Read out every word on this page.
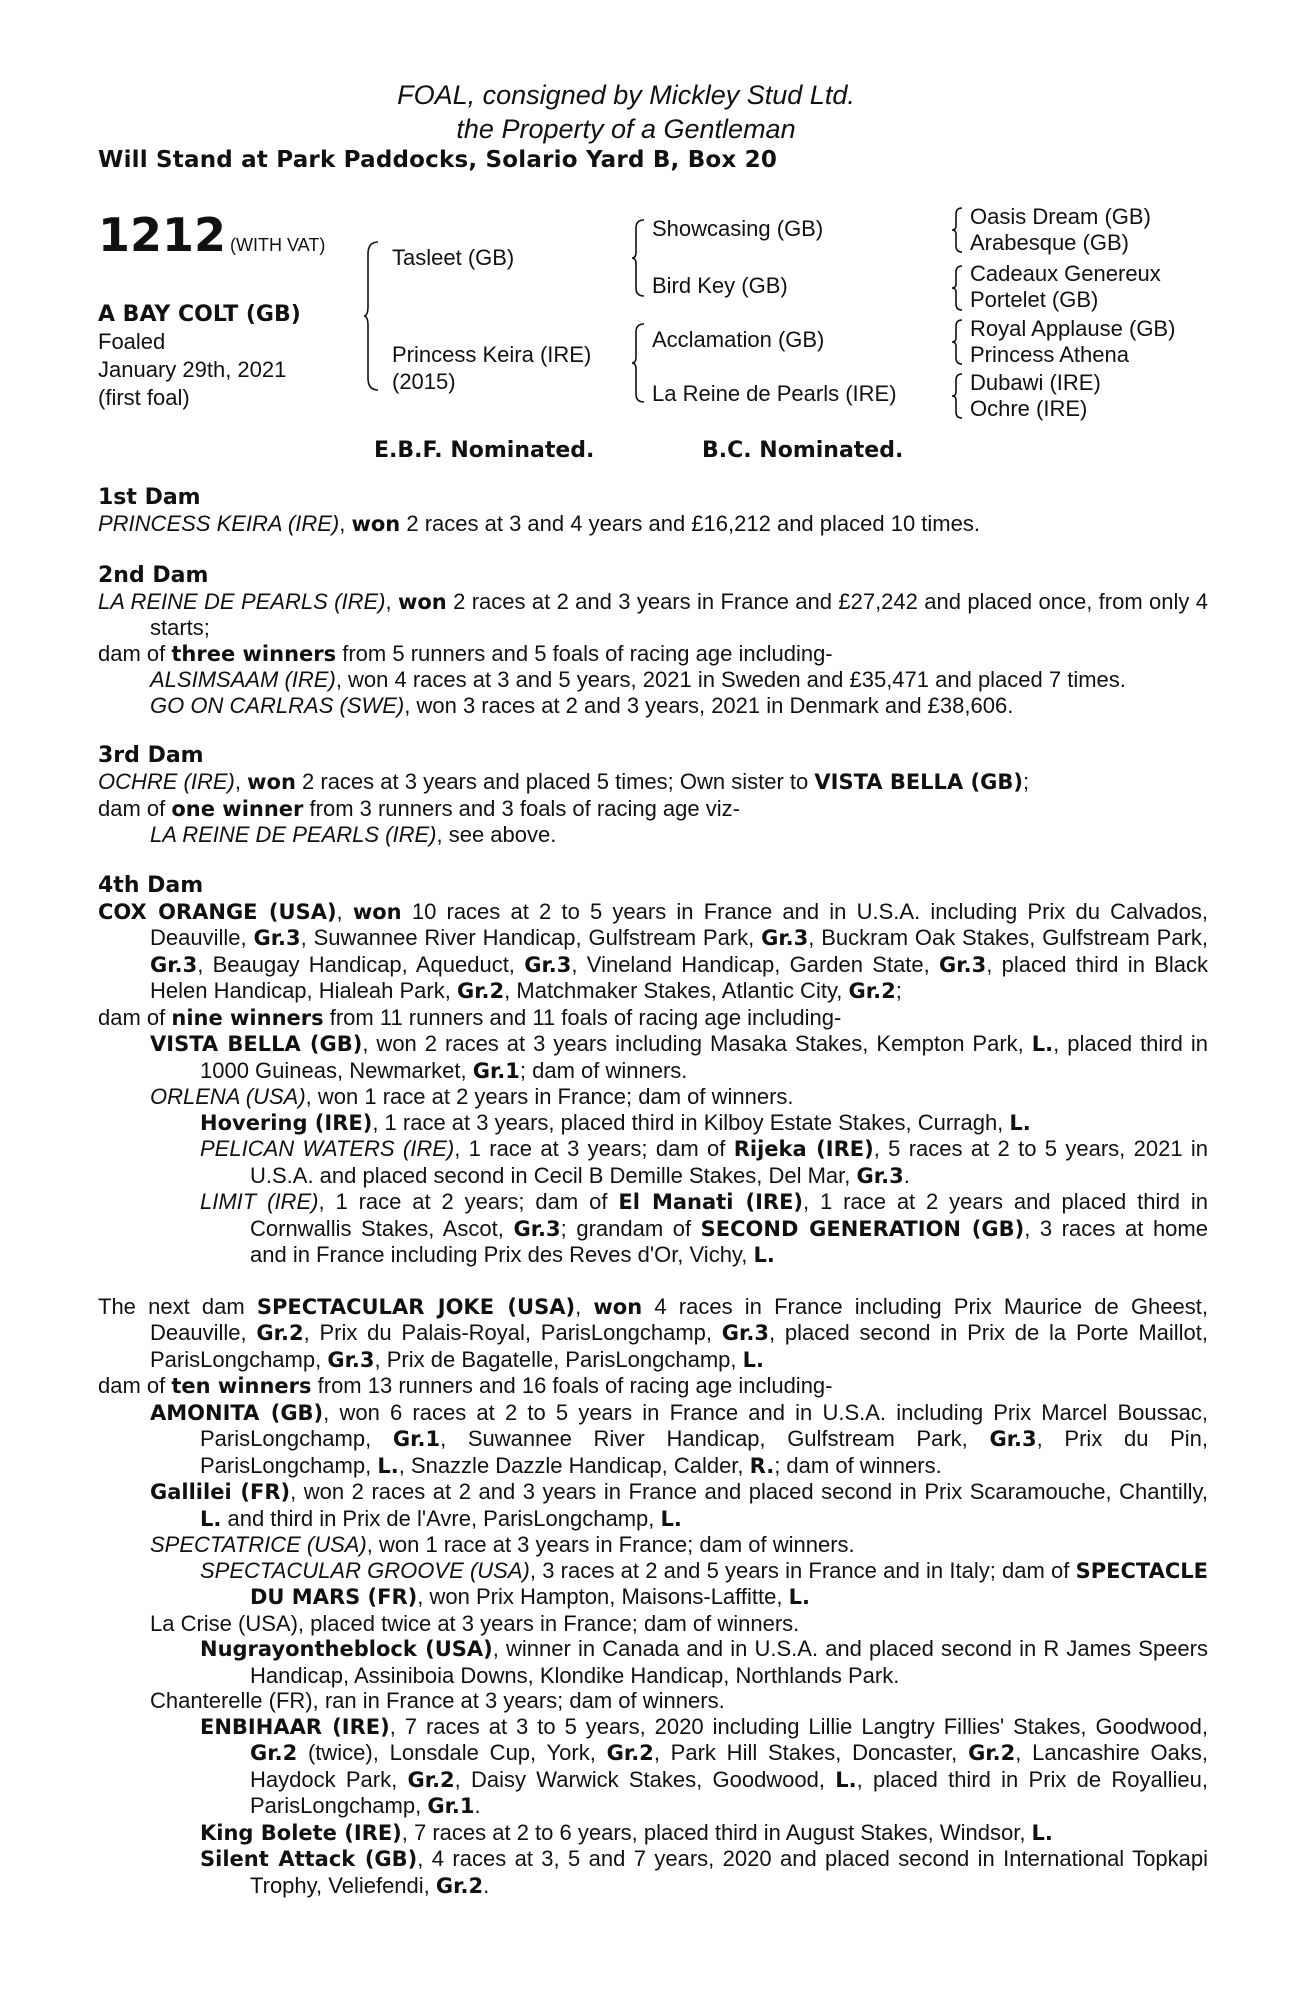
FOAL, consigned by Mickley Stud Ltd.
the Property of a Gentleman
Will Stand at Park Paddocks, Solario Yard B, Box 20
1212 (WITH VAT)
A BAY COLT (GB)
Foaled
January 29th, 2021
(first foal)
Tasleet (GB)
Princess Keira (IRE)
(2015)
Showcasing (GB)
Bird Key (GB)
Acclamation (GB)
La Reine de Pearls (IRE)
Oasis Dream (GB)
Arabesque (GB)
Cadeaux Genereux
Portelet (GB)
Royal Applause (GB)
Princess Athena
Dubawi (IRE)
Ochre (IRE)
E.B.F. Nominated.	B.C. Nominated.
1st Dam
PRINCESS KEIRA (IRE), won 2 races at 3 and 4 years and £16,212 and placed 10 times.
2nd Dam
LA REINE DE PEARLS (IRE), won 2 races at 2 and 3 years in France and £27,242 and placed once, from only 4 starts;
dam of three winners from 5 runners and 5 foals of racing age including-
ALSIMSAAM (IRE), won 4 races at 3 and 5 years, 2021 in Sweden and £35,471 and placed 7 times.
GO ON CARLRAS (SWE), won 3 races at 2 and 3 years, 2021 in Denmark and £38,606.
3rd Dam
OCHRE (IRE), won 2 races at 3 years and placed 5 times; Own sister to VISTA BELLA (GB);
dam of one winner from 3 runners and 3 foals of racing age viz-
LA REINE DE PEARLS (IRE), see above.
4th Dam
COX ORANGE (USA), won 10 races at 2 to 5 years in France and in U.S.A. including Prix du Calvados, Deauville, Gr.3, Suwannee River Handicap, Gulfstream Park, Gr.3, Buckram Oak Stakes, Gulfstream Park, Gr.3, Beaugay Handicap, Aqueduct, Gr.3, Vineland Handicap, Garden State, Gr.3, placed third in Black Helen Handicap, Hialeah Park, Gr.2, Matchmaker Stakes, Atlantic City, Gr.2;
dam of nine winners from 11 runners and 11 foals of racing age including-
VISTA BELLA (GB), won 2 races at 3 years including Masaka Stakes, Kempton Park, L., placed third in 1000 Guineas, Newmarket, Gr.1; dam of winners.
ORLENA (USA), won 1 race at 2 years in France; dam of winners.
Hovering (IRE), 1 race at 3 years, placed third in Kilboy Estate Stakes, Curragh, L.
PELICAN WATERS (IRE), 1 race at 3 years; dam of Rijeka (IRE), 5 races at 2 to 5 years, 2021 in U.S.A. and placed second in Cecil B Demille Stakes, Del Mar, Gr.3.
LIMIT (IRE), 1 race at 2 years; dam of El Manati (IRE), 1 race at 2 years and placed third in Cornwallis Stakes, Ascot, Gr.3; grandam of SECOND GENERATION (GB), 3 races at home and in France including Prix des Reves d'Or, Vichy, L.
The next dam SPECTACULAR JOKE (USA), won 4 races in France including Prix Maurice de Gheest, Deauville, Gr.2, Prix du Palais-Royal, ParisLongchamp, Gr.3, placed second in Prix de la Porte Maillot, ParisLongchamp, Gr.3, Prix de Bagatelle, ParisLongchamp, L.
dam of ten winners from 13 runners and 16 foals of racing age including-
AMONITA (GB), won 6 races at 2 to 5 years in France and in U.S.A. including Prix Marcel Boussac, ParisLongchamp, Gr.1, Suwannee River Handicap, Gulfstream Park, Gr.3, Prix du Pin, ParisLongchamp, L., Snazzle Dazzle Handicap, Calder, R.; dam of winners.
Gallilei (FR), won 2 races at 2 and 3 years in France and placed second in Prix Scaramouche, Chantilly, L. and third in Prix de l'Avre, ParisLongchamp, L.
SPECTATRICE (USA), won 1 race at 3 years in France; dam of winners.
SPECTACULAR GROOVE (USA), 3 races at 2 and 5 years in France and in Italy; dam of SPECTACLE DU MARS (FR), won Prix Hampton, Maisons-Laffitte, L.
La Crise (USA), placed twice at 3 years in France; dam of winners.
Nugrayontheblock (USA), winner in Canada and in U.S.A. and placed second in R James Speers Handicap, Assiniboia Downs, Klondike Handicap, Northlands Park.
Chanterelle (FR), ran in France at 3 years; dam of winners.
ENBIHAAR (IRE), 7 races at 3 to 5 years, 2020 including Lillie Langtry Fillies' Stakes, Goodwood, Gr.2 (twice), Lonsdale Cup, York, Gr.2, Park Hill Stakes, Doncaster, Gr.2, Lancashire Oaks, Haydock Park, Gr.2, Daisy Warwick Stakes, Goodwood, L., placed third in Prix de Royallieu, ParisLongchamp, Gr.1.
King Bolete (IRE), 7 races at 2 to 6 years, placed third in August Stakes, Windsor, L.
Silent Attack (GB), 4 races at 3, 5 and 7 years, 2020 and placed second in International Topkapi Trophy, Veliefendi, Gr.2.
